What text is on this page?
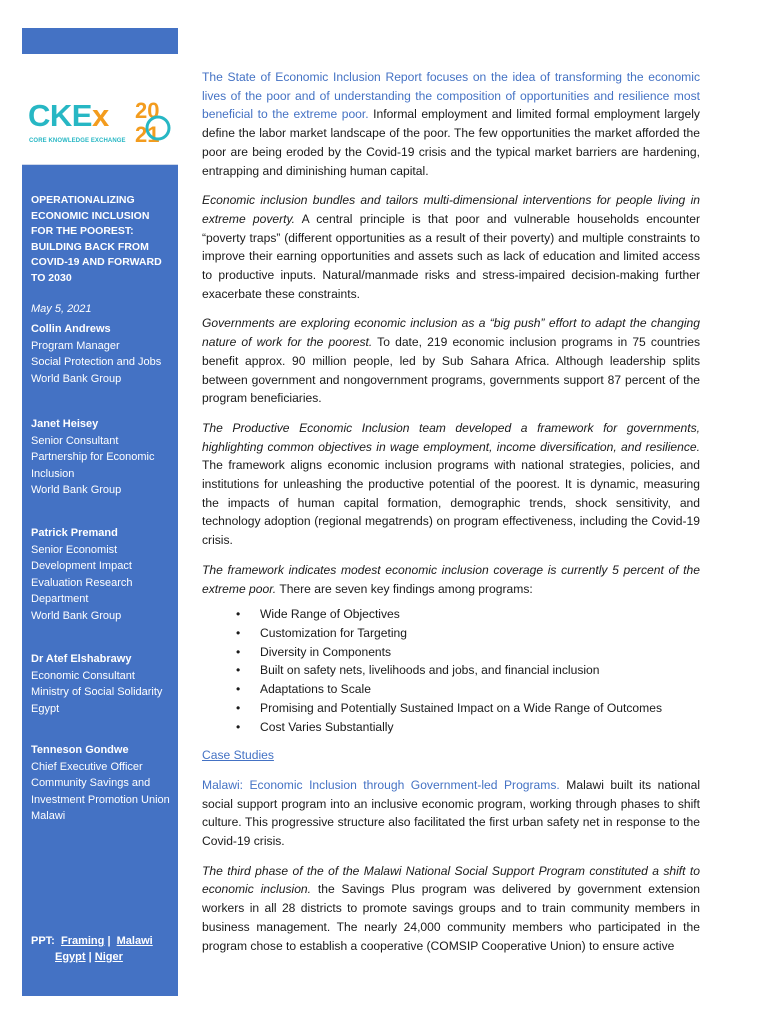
CKEx 20
21
CORE KNOWLEDGE EXCHANGE
OPERATIONALIZING
ECONOMIC INCLUSION
FOR THE POOREST:
BUILDING BACK FROM
COVID-19 AND FORWARD
TO 2030
May 5, 2021
Collin Andrews
Program Manager
Social Protection and Jobs
World Bank Group
Janet Heisey
Senior Consultant
Partnership for Economic Inclusion
World Bank Group
Patrick Premand
Senior Economist
Development Impact Evaluation Research Department
World Bank Group
Dr Atef Elshabrawy
Economic Consultant
Ministry of Social Solidarity Egypt
Tenneson Gondwe
Chief Executive Officer
Community Savings and Investment Promotion Union
Malawi
PPT: Framing | Malawi
Egypt | Niger

The State of Economic Inclusion Report focuses on the idea of transforming the economic lives of the poor and of understanding the composition of opportunities and resilience most beneficial to the extreme poor. Informal employment and limited formal employment largely define the labor market landscape of the poor. The few opportunities the market afforded the poor are being eroded by the Covid-19 crisis and the typical market barriers are hardening, entrapping and diminishing human capital.

Economic inclusion bundles and tailors multi-dimensional interventions for people living in extreme poverty. A central principle is that poor and vulnerable households encounter “poverty traps” (different opportunities as a result of their poverty) and multiple constraints to improve their earning opportunities and assets such as lack of education and limited access to productive inputs. Natural/manmade risks and stress-impaired decision-making further exacerbate these constraints.

Governments are exploring economic inclusion as a “big push” effort to adapt the changing nature of work for the poorest. To date, 219 economic inclusion programs in 75 countries benefit approx. 90 million people, led by Sub Sahara Africa. Although leadership splits between government and nongovernment programs, governments support 87 percent of the program beneficiaries.

The Productive Economic Inclusion team developed a framework for governments, highlighting common objectives in wage employment, income diversification, and resilience. The framework aligns economic inclusion programs with national strategies, policies, and institutions for unleashing the productive potential of the poorest. It is dynamic, measuring the impacts of human capital formation, demographic trends, shock sensitivity, and technology adoption (regional megatrends) on program effectiveness, including the Covid-19 crisis.

The framework indicates modest economic inclusion coverage is currently 5 percent of the extreme poor. There are seven key findings among programs:

• Wide Range of Objectives
• Customization for Targeting
• Diversity in Components
• Built on safety nets, livelihoods and jobs, and financial inclusion
• Adaptations to Scale
• Promising and Potentially Sustained Impact on a Wide Range of Outcomes
• Cost Varies Substantially

Case Studies

Malawi: Economic Inclusion through Government-led Programs. Malawi built its national social support program into an inclusive economic program, working through phases to shift culture. This progressive structure also facilitated the first urban safety net in response to the Covid-19 crisis.

The third phase of the of the Malawi National Social Support Program constituted a shift to economic inclusion. the Savings Plus program was delivered by government extension workers in all 28 districts to promote savings groups and to train community members in business management. The nearly 24,000 community members who participated in the program chose to establish a cooperative (COMSIP Cooperative Union) to ensure active
